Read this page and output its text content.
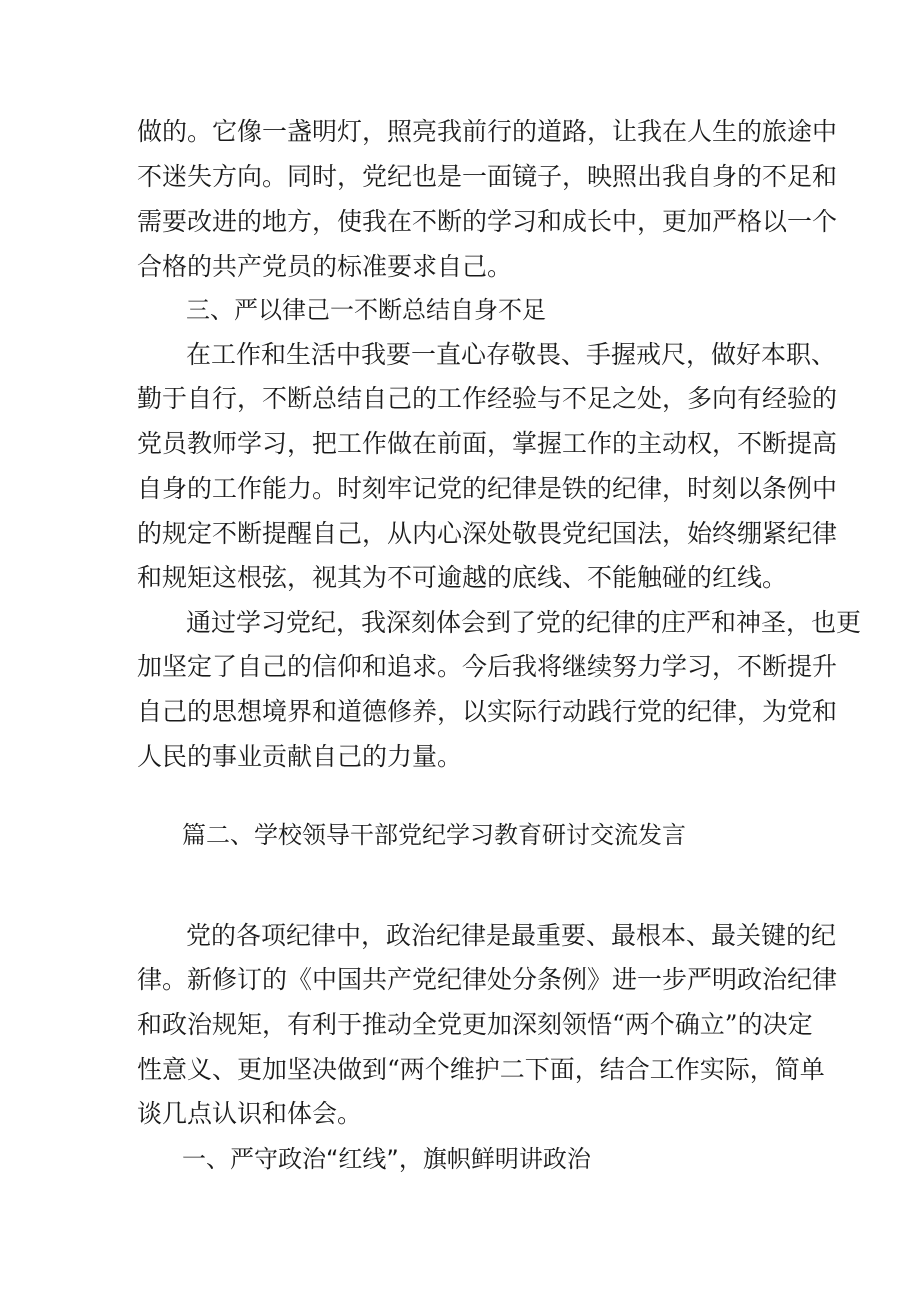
做的。它像一盏明灯，照亮我前行的道路，让我在人生的旅途中
不迷失方向。同时，党纪也是一面镜子，映照出我自身的不足和
需要改进的地方，使我在不断的学习和成长中，更加严格以一个
合格的共产党员的标准要求自己。
三、严以律己一不断总结自身不足
在工作和生活中我要一直心存敬畏、手握戒尺，做好本职、
勤于自行，不断总结自己的工作经验与不足之处，多向有经验的
党员教师学习，把工作做在前面，掌握工作的主动权，不断提高
自身的工作能力。时刻牢记党的纪律是铁的纪律，时刻以条例中
的规定不断提醒自己，从内心深处敬畏党纪国法，始终绷紧纪律
和规矩这根弦，视其为不可逾越的底线、不能触碰的红线。
通过学习党纪，我深刻体会到了党的纪律的庄严和神圣，也更
加坚定了自己的信仰和追求。今后我将继续努力学习，不断提升
自己的思想境界和道德修养，以实际行动践行党的纪律，为党和
人民的事业贡献自己的力量。
篇二、学校领导干部党纪学习教育研讨交流发言
党的各项纪律中，政治纪律是最重要、最根本、最关键的纪
律。新修订的《中国共产党纪律处分条例》进一步严明政治纪律
和政治规矩，有利于推动全党更加深刻领悟“两个确立”的决定
性意义、更加坚决做到“两个维护二下面，结合工作实际，简单
谈几点认识和体会。
一、严守政治“红线”，旗帜鲜明讲政治
